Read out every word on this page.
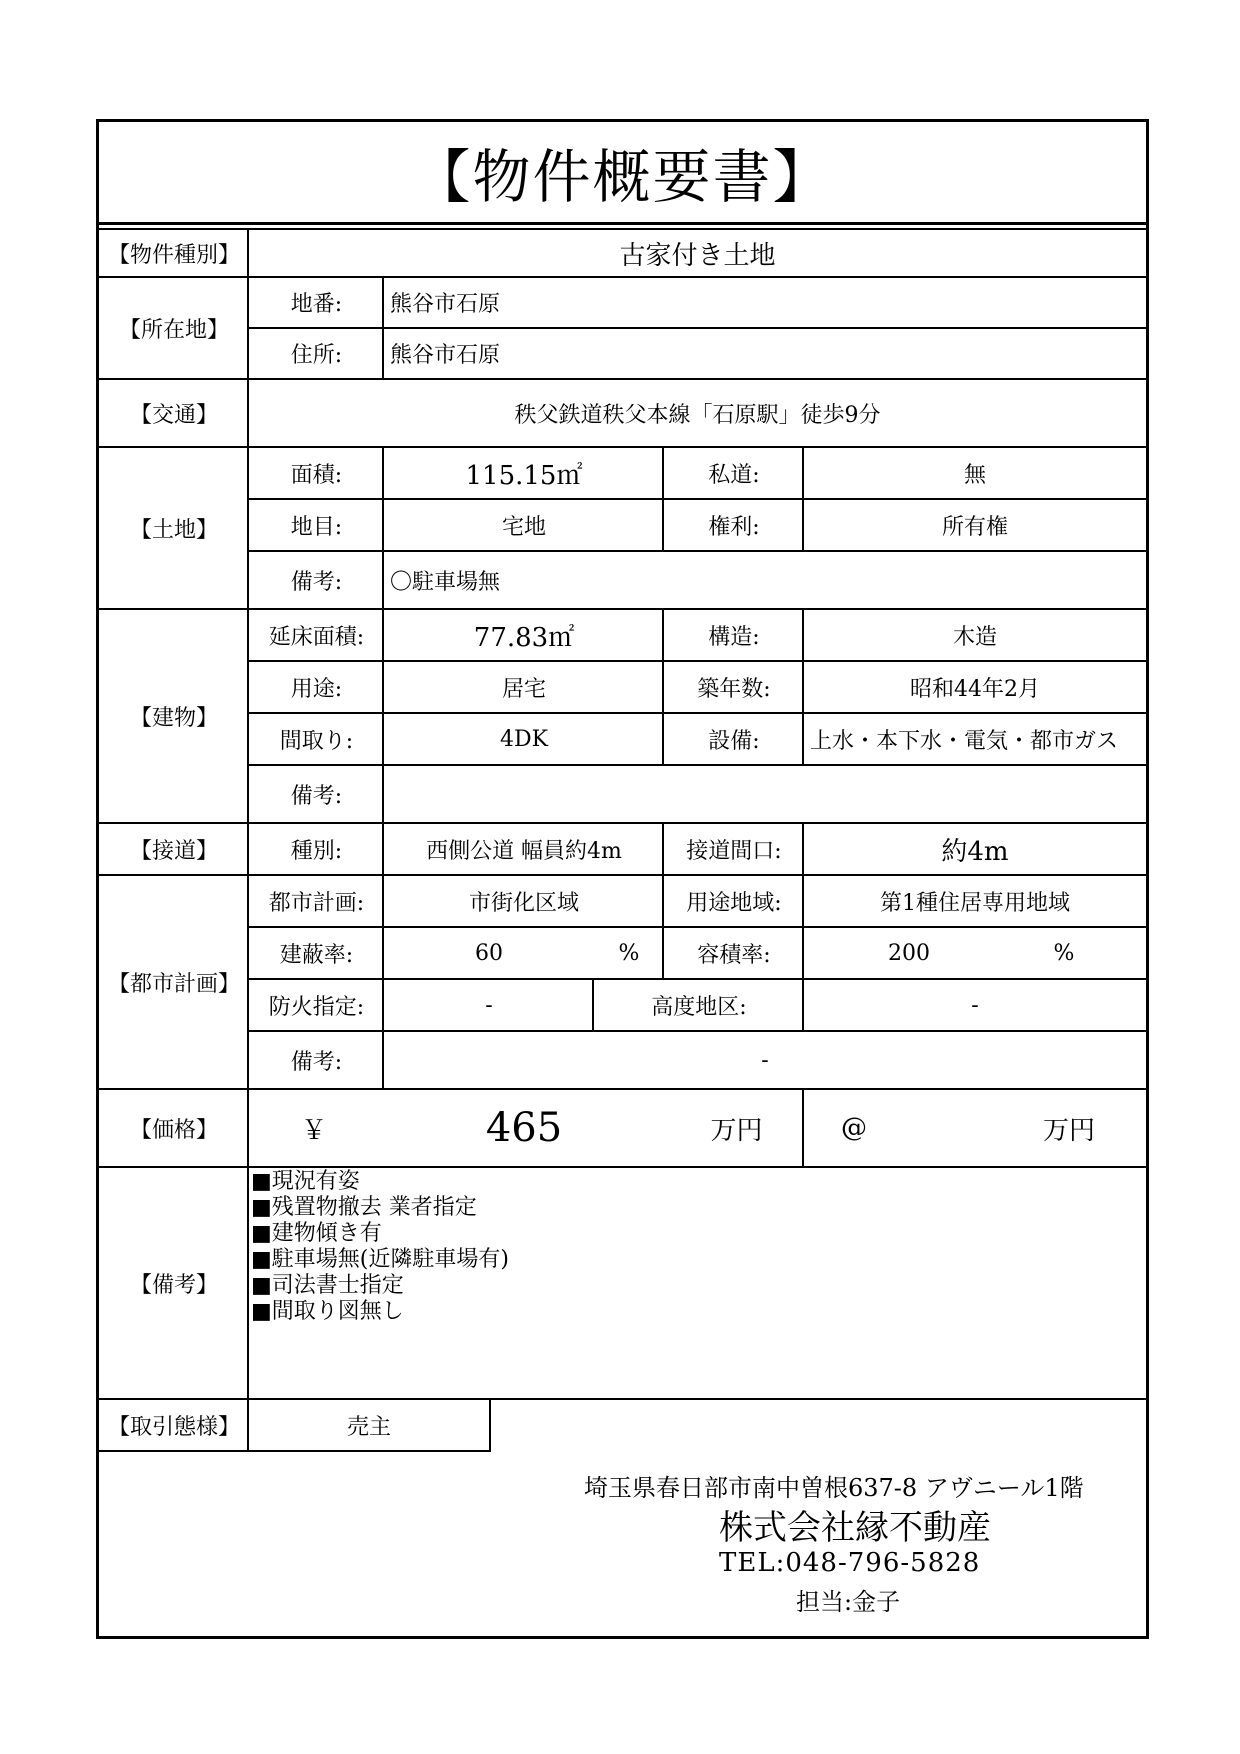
【物件概要書】
【物件種別】	古家付き土地
【所在地】
地番:	熊谷市石原
住所:	熊谷市石原
【交通】	秩父鉄道秩父本線「石原駅」徒歩9分
【土地】
面積:	115.15㎡	私道:	無
地目:	宅地	権利:	所有権
備考:	〇駐車場無
【建物】
延床面積:	77.83㎡	構造:	木造
用途:	居宅	築年数:	昭和44年2月
間取り:	4DK	設備:	上水・本下水・電気・都市ガス
備考:
【接道】	種別:	西側公道 幅員約4m	接道間口:	約4m
【都市計画】
都市計画:	市街化区域	用途地域:	第1種住居専用地域
建蔽率:	60	%	容積率:	200	%
防火指定:	-	高度地区:	-
備考:	-
【価格】	￥	465	万円	@	万円
【備考】
■現況有姿
■残置物撤去 業者指定
■建物傾き有
■駐車場無(近隣駐車場有)
■司法書士指定
■間取り図無し
【取引態様】	売主
埼玉県春日部市南中曽根637-8 アヴニール1階
株式会社縁不動産
TEL:048-796-5828
担当:金子
